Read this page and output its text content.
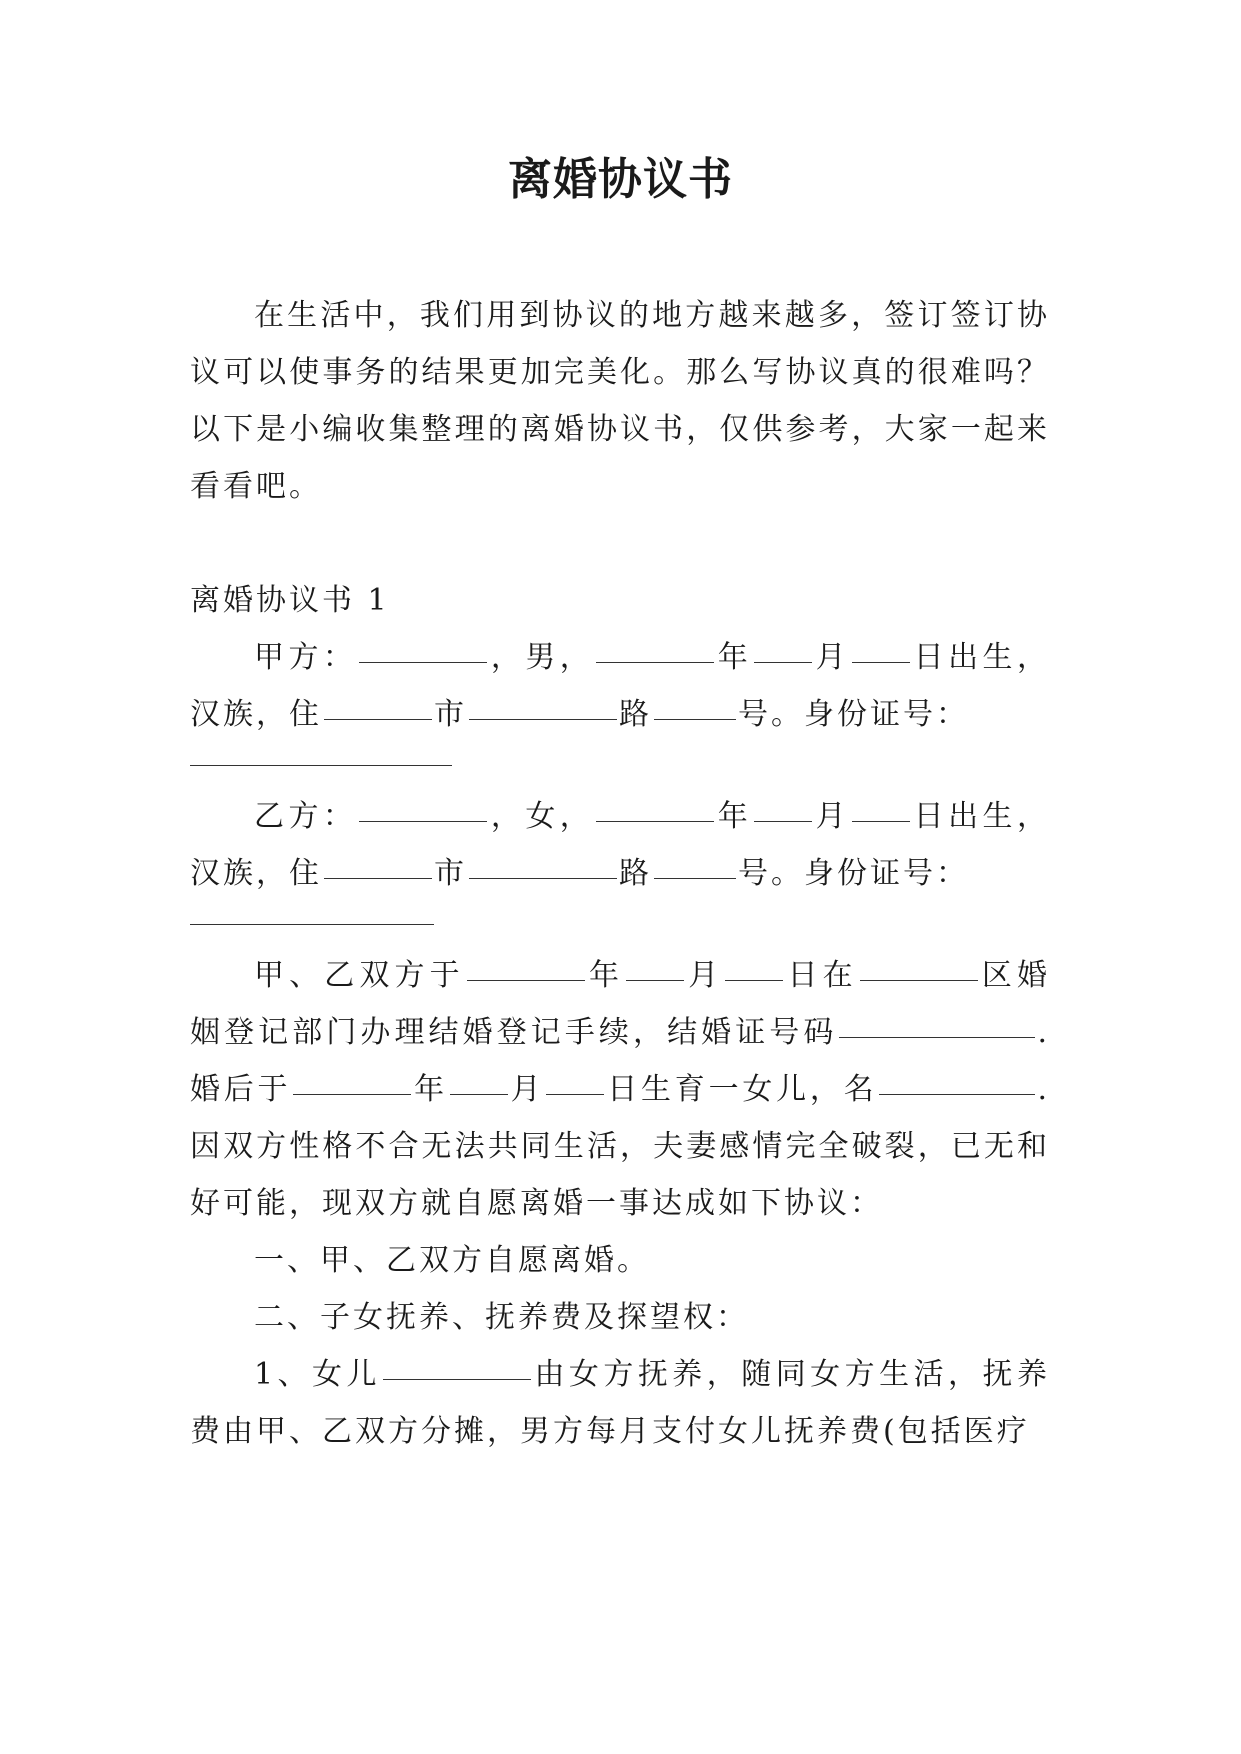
离婚协议书

在生活中，我们用到协议的地方越来越多，签订签订协议可以使事务的结果更加完美化。那么写协议真的很难吗？以下是小编收集整理的离婚协议书，仅供参考，大家一起来看看吧。

离婚协议书 1

甲方：	，男，	年 月 日出生，汉族，住	市	路	号。身份证号：

乙方：	，女，	年 月 日出生，汉族，住	市	路	号。身份证号：

甲、乙双方于	年 月 日在	区婚姻登记部门办理结婚登记手续，结婚证号码	. 婚后于	年 月 日生育一女儿，名	. 因双方性格不合无法共同生活，夫妻感情完全破裂，已无和好可能，现双方就自愿离婚一事达成如下协议：

一、甲、乙双方自愿离婚。

二、子女抚养、抚养费及探望权：

1、女儿	由女方抚养，随同女方生活，抚养费由甲、乙双方分摊，男方每月支付女儿抚养费(包括医疗
